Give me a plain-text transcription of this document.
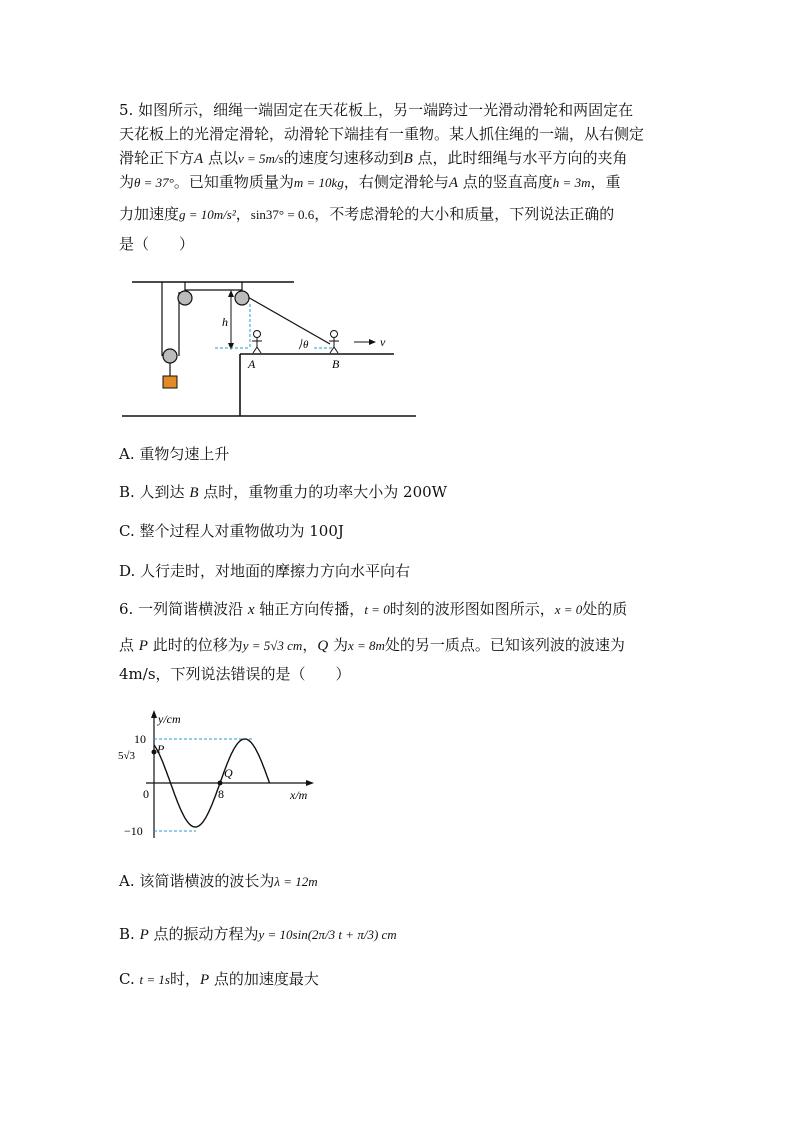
5. 如图所示，细绳一端固定在天花板上，另一端跨过一光滑动滑轮和两固定在
天花板上的光滑定滑轮，动滑轮下端挂有一重物。某人抓住绳的一端，从右侧定
滑轮正下方A 点以v = 5m/s的速度匀速移动到B 点，此时细绳与水平方向的夹角
为θ = 37°。已知重物质量为m = 10kg，右侧定滑轮与A 点的竖直高度h = 3m，重
力加速度g = 10m/s²，sin37° = 0.6，不考虑滑轮的大小和质量，下列说法正确的
是（　　）
h
θ
A	B
v
A. 重物匀速上升
B. 人到达 B 点时，重物重力的功率大小为 200W
C. 整个过程人对重物做功为 100J
D. 人行走时，对地面的摩擦力方向水平向右
6. 一列简谐横波沿 x 轴正方向传播，t = 0时刻的波形图如图所示，x = 0处的质
点 P 此时的位移为y = 5√3 cm，Q 为x = 8m处的另一质点。已知该列波的波速为
4m/s，下列说法错误的是（　　）
y/cm
x/m
10
5√3
−10
0	8
P
Q
A. 该简谐横波的波长为λ = 12m
B. P 点的振动方程为y = 10sin(2π/3 t + π/3) cm
C. t = 1s时，P 点的加速度最大
